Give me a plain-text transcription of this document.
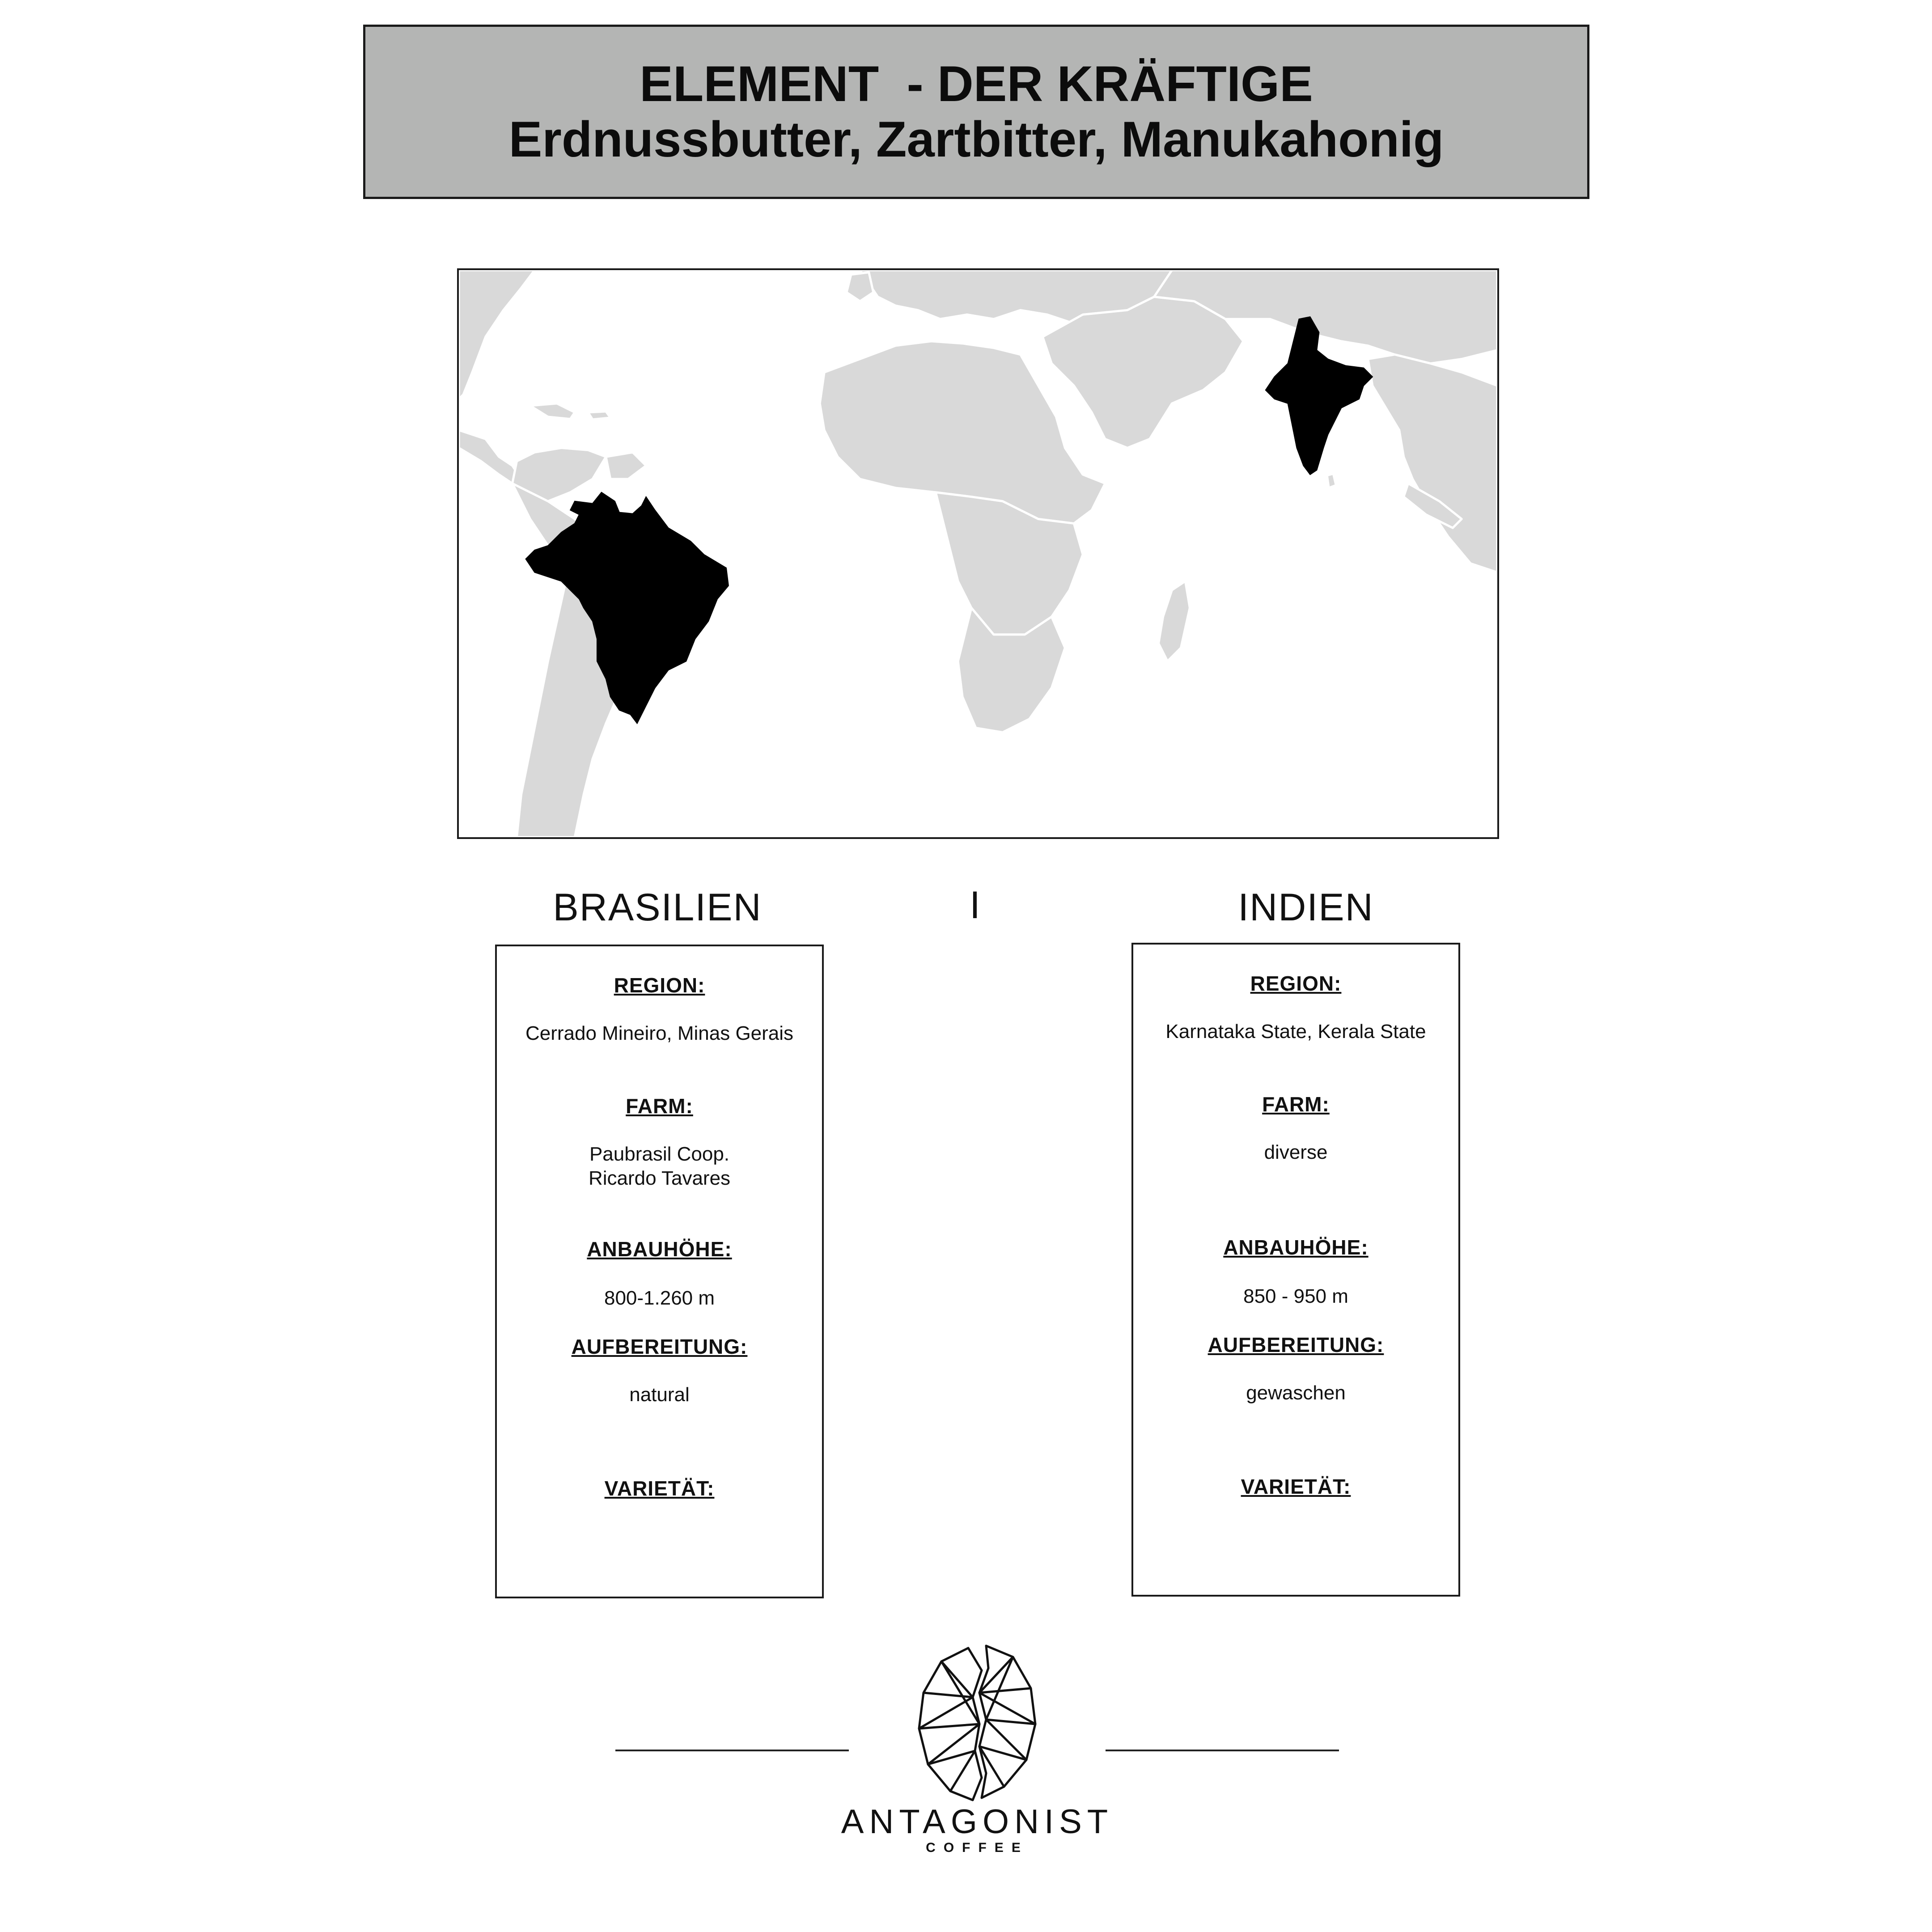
ELEMENT  - DER KRÄFTIGE
Erdnussbutter, Zartbitter, Manukahonig
BRASILIEN	I	INDIEN
REGION:
Cerrado Mineiro, Minas Gerais
FARM:
Paubrasil Coop.
Ricardo Tavares
ANBAUHÖHE:
800-1.260 m
AUFBEREITUNG:
natural
VARIETÄT:
REGION:
Karnataka State, Kerala State
FARM:
diverse
ANBAUHÖHE:
850 - 950 m
AUFBEREITUNG:
gewaschen
VARIETÄT:
ANTAGONIST
COFFEE
